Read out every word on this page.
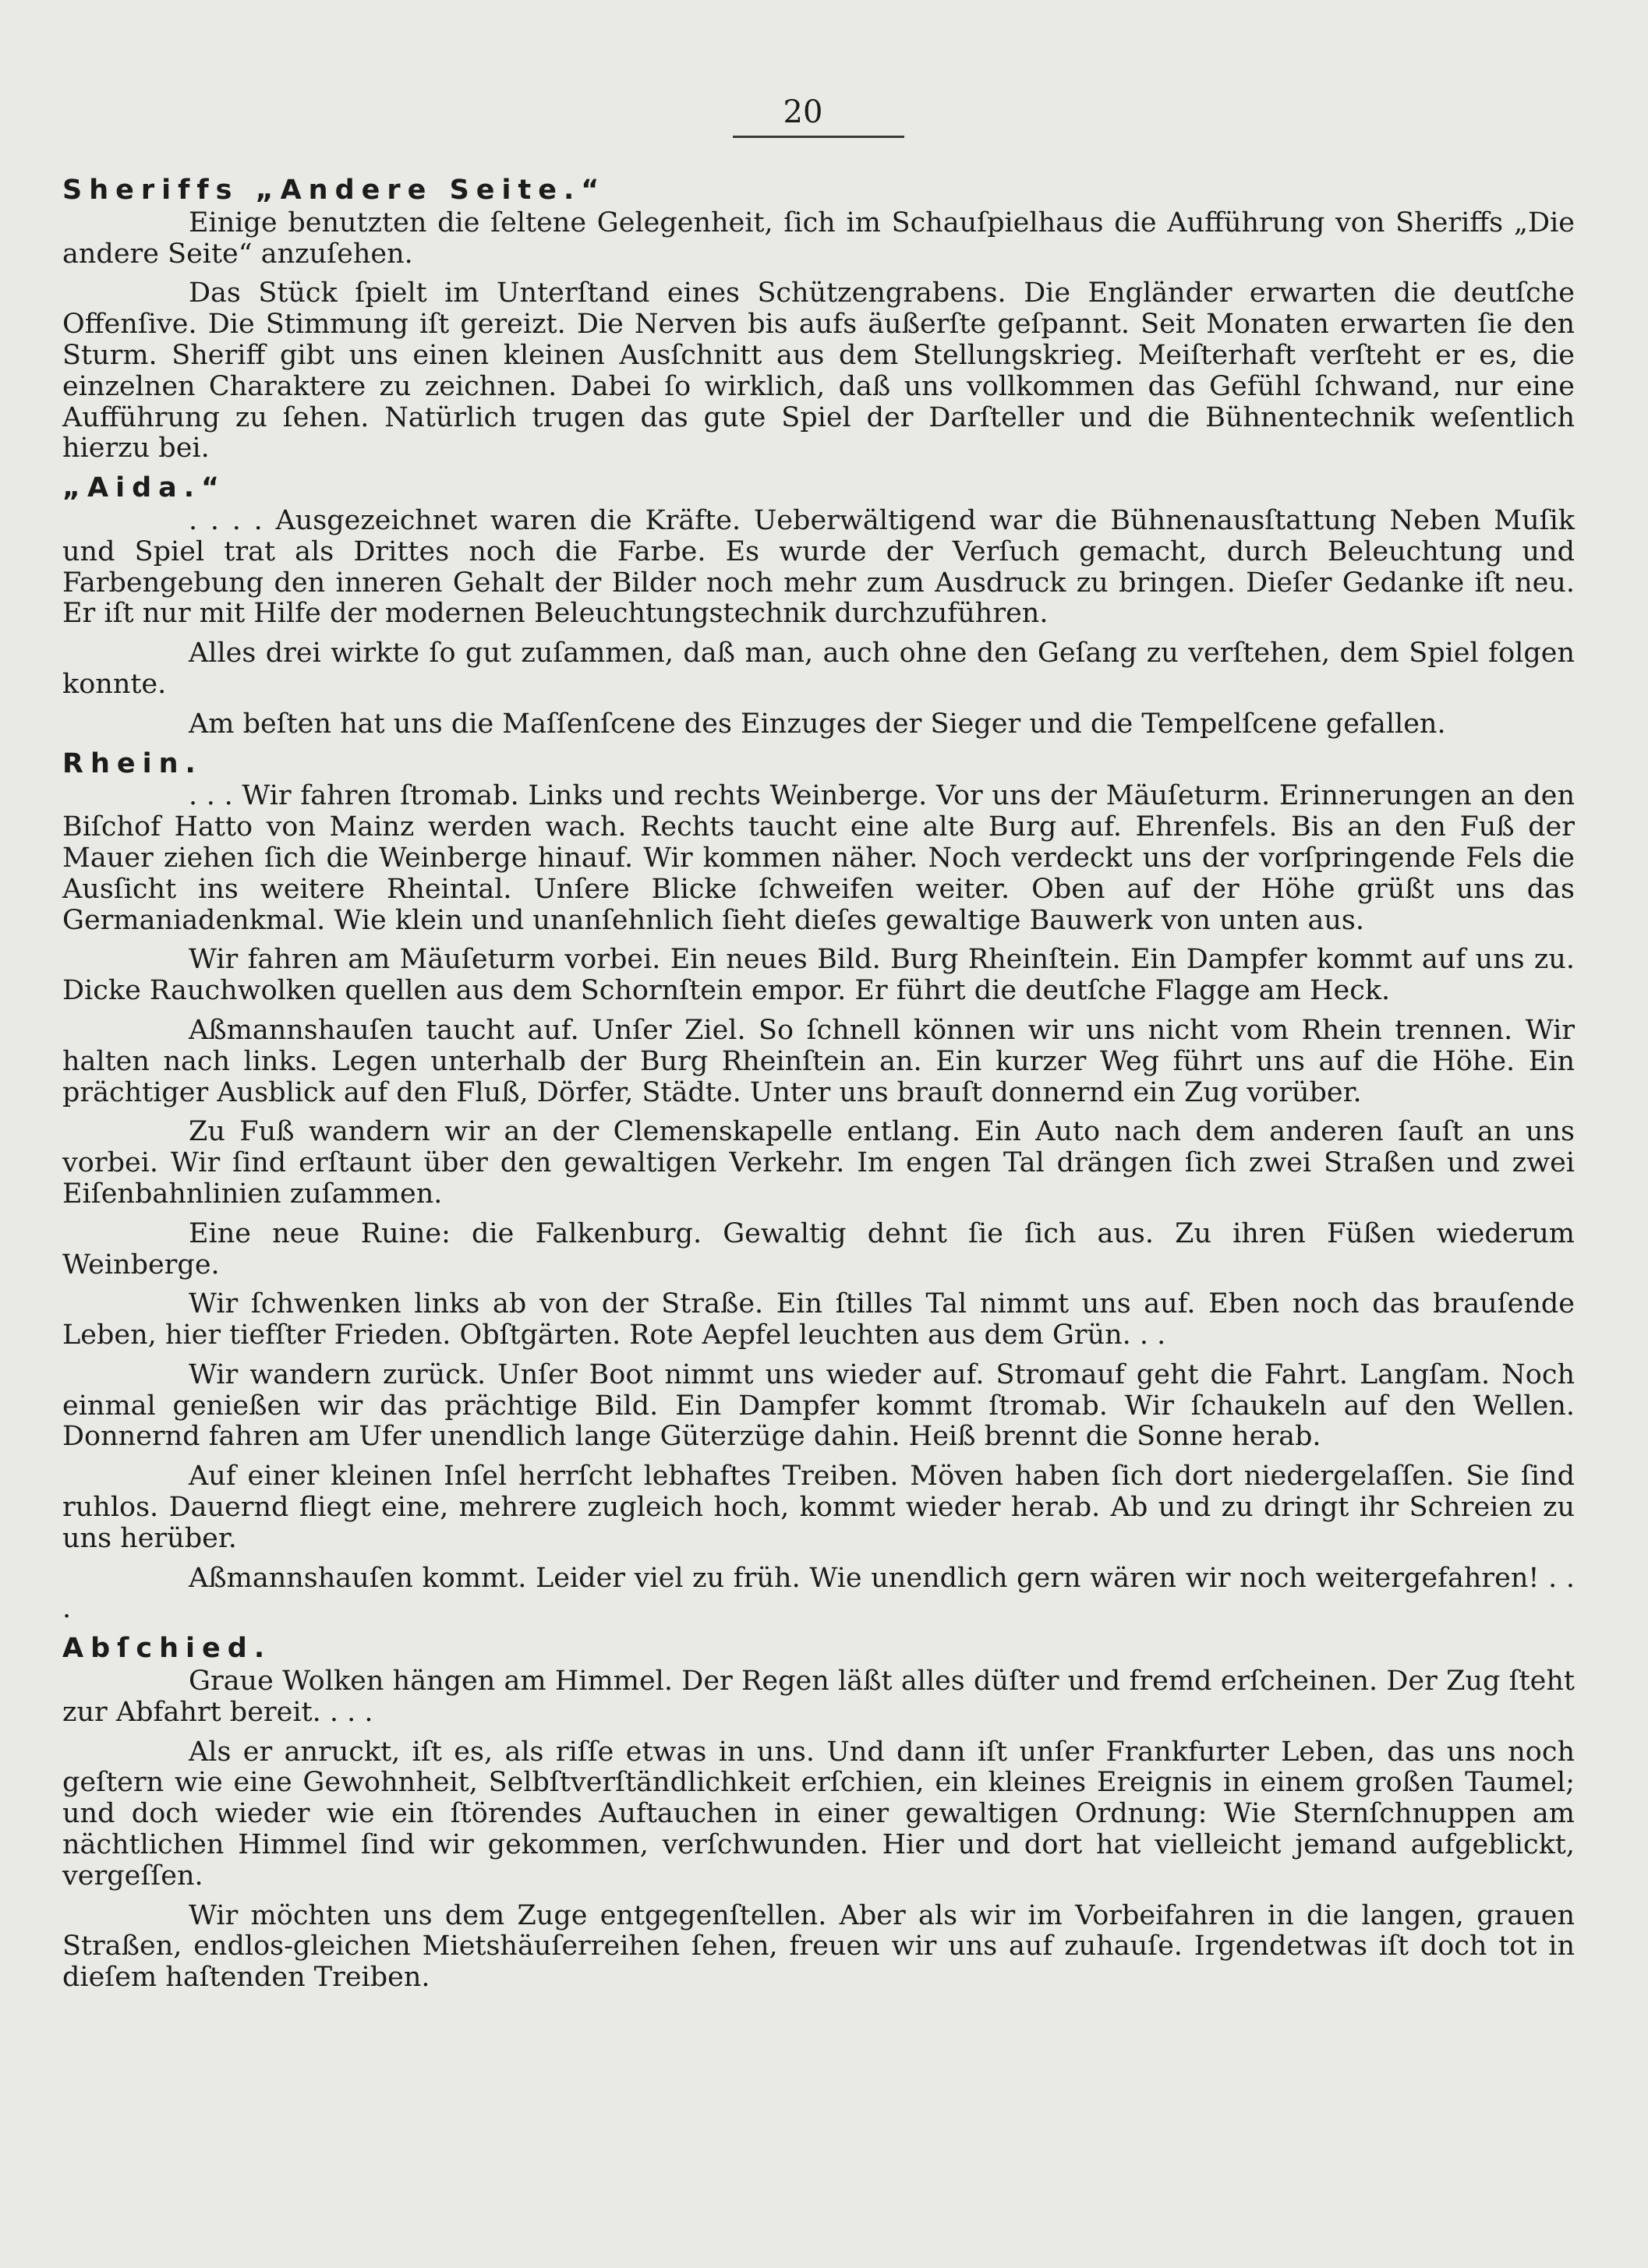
20
Sheriffs „Andere Seite.“

Einige benutzten die ſeltene Gelegenheit, ſich im Schauſpielhaus die Aufführung von Sheriffs „Die andere Seite“ anzuſehen.

Das Stück ſpielt im Unterſtand eines Schützengrabens. Die Engländer erwarten die deutſche Offenſive. Die Stimmung iſt gereizt. Die Nerven bis aufs äußerſte geſpannt. Seit Monaten erwarten ſie den Sturm. Sheriff gibt uns einen kleinen Ausſchnitt aus dem Stellungskrieg. Meiſterhaft verſteht er es, die einzelnen Charaktere zu zeichnen. Dabei ſo wirklich, daß uns vollkommen das Gefühl ſchwand, nur eine Aufführung zu ſehen. Natürlich trugen das gute Spiel der Darſteller und die Bühnentechnik weſentlich hierzu bei.

„Aida.“

. . . . Ausgezeichnet waren die Kräfte. Ueberwältigend war die Bühnenausſtattung Neben Muſik und Spiel trat als Drittes noch die Farbe. Es wurde der Verſuch gemacht, durch Beleuchtung und Farbengebung den inneren Gehalt der Bilder noch mehr zum Ausdruck zu bringen. Dieſer Gedanke iſt neu. Er iſt nur mit Hilfe der modernen Beleuchtungstechnik durchzuführen.

Alles drei wirkte ſo gut zuſammen, daß man, auch ohne den Geſang zu verſtehen, dem Spiel folgen konnte.

Am beſten hat uns die Maſſenſcene des Einzuges der Sieger und die Tempelſcene gefallen.

Rhein.

. . . Wir fahren ſtromab. Links und rechts Weinberge. Vor uns der Mäuſeturm. Erinnerungen an den Biſchof Hatto von Mainz werden wach. Rechts taucht eine alte Burg auf. Ehrenfels. Bis an den Fuß der Mauer ziehen ſich die Weinberge hinauf. Wir kommen näher. Noch verdeckt uns der vorſpringende Fels die Ausſicht ins weitere Rheintal. Unſere Blicke ſchweifen weiter. Oben auf der Höhe grüßt uns das Germaniadenkmal. Wie klein und unanſehnlich ſieht dieſes gewaltige Bauwerk von unten aus.

Wir fahren am Mäuſeturm vorbei. Ein neues Bild. Burg Rheinſtein. Ein Dampfer kommt auf uns zu. Dicke Rauchwolken quellen aus dem Schornſtein empor. Er führt die deutſche Flagge am Heck.

Aßmannshauſen taucht auf. Unſer Ziel. So ſchnell können wir uns nicht vom Rhein trennen. Wir halten nach links. Legen unterhalb der Burg Rheinſtein an. Ein kurzer Weg führt uns auf die Höhe. Ein prächtiger Ausblick auf den Fluß, Dörfer, Städte. Unter uns brauſt donnernd ein Zug vorüber.

Zu Fuß wandern wir an der Clemenskapelle entlang. Ein Auto nach dem anderen ſauſt an uns vorbei. Wir ſind erſtaunt über den gewaltigen Verkehr. Im engen Tal drängen ſich zwei Straßen und zwei Eiſenbahnlinien zuſammen.

Eine neue Ruine: die Falkenburg. Gewaltig dehnt ſie ſich aus. Zu ihren Füßen wiederum Weinberge.

Wir ſchwenken links ab von der Straße. Ein ſtilles Tal nimmt uns auf. Eben noch das brauſende Leben, hier tiefſter Frieden. Obſtgärten. Rote Aepfel leuchten aus dem Grün. . .

Wir wandern zurück. Unſer Boot nimmt uns wieder auf. Stromauf geht die Fahrt. Langſam. Noch einmal genießen wir das prächtige Bild. Ein Dampfer kommt ſtromab. Wir ſchaukeln auf den Wellen. Donnernd fahren am Ufer unendlich lange Güterzüge dahin. Heiß brennt die Sonne herab.

Auf einer kleinen Inſel herrſcht lebhaftes Treiben. Möven haben ſich dort niedergelaſſen. Sie ſind ruhlos. Dauernd fliegt eine, mehrere zugleich hoch, kommt wieder herab. Ab und zu dringt ihr Schreien zu uns herüber.

Aßmannshauſen kommt. Leider viel zu früh. Wie unendlich gern wären wir noch weitergefahren! . . .

Abſchied.

Graue Wolken hängen am Himmel. Der Regen läßt alles düſter und fremd erſcheinen. Der Zug ſteht zur Abfahrt bereit. . . .

Als er anruckt, iſt es, als riſſe etwas in uns. Und dann iſt unſer Frankfurter Leben, das uns noch geſtern wie eine Gewohnheit, Selbſtverſtändlichkeit erſchien, ein kleines Ereignis in einem großen Taumel; und doch wieder wie ein ſtörendes Auftauchen in einer gewaltigen Ordnung: Wie Sternſchnuppen am nächtlichen Himmel ſind wir gekommen, verſchwunden. Hier und dort hat vielleicht jemand aufgeblickt, vergeſſen.

Wir möchten uns dem Zuge entgegenſtellen. Aber als wir im Vorbeifahren in die langen, grauen Straßen, endlos-gleichen Mietshäuſerreihen ſehen, freuen wir uns auf zuhauſe. Irgendetwas iſt doch tot in dieſem haſtenden Treiben.
